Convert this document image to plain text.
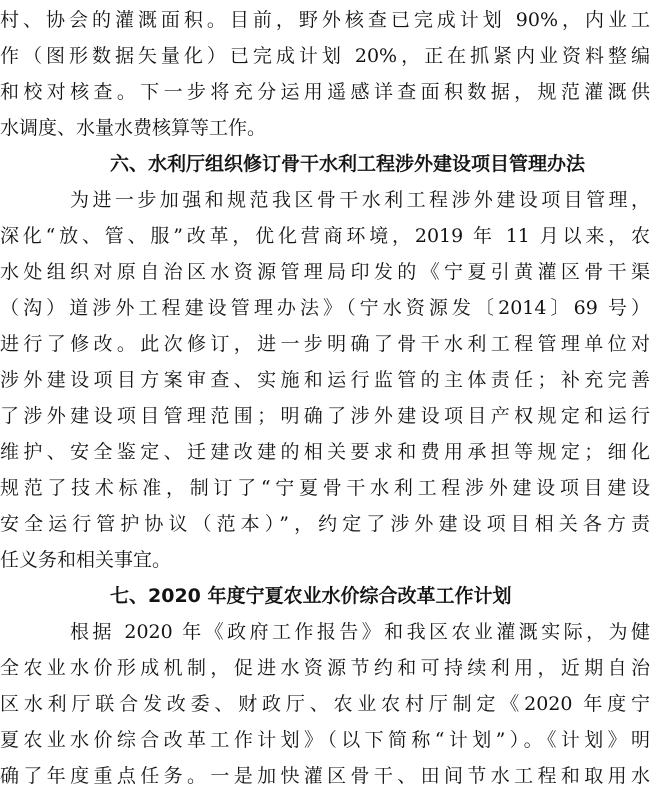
村、协会的灌溉面积。目前，野外核查已完成计划 90%，内业工
作（图形数据矢量化）已完成计划 20%，正在抓紧内业资料整编
和校对核查。下一步将充分运用遥感详查面积数据，规范灌溉供
水调度、水量水费核算等工作。
六、水利厅组织修订骨干水利工程涉外建设项目管理办法
为进一步加强和规范我区骨干水利工程涉外建设项目管理，
深化“放、管、服”改革，优化营商环境，2019 年 11 月以来，农
水处组织对原自治区水资源管理局印发的《宁夏引黄灌区骨干渠
（沟）道涉外工程建设管理办法》（宁水资源发〔2014〕69 号）
进行了修改。此次修订，进一步明确了骨干水利工程管理单位对
涉外建设项目方案审查、实施和运行监管的主体责任；补充完善
了涉外建设项目管理范围；明确了涉外建设项目产权规定和运行
维护、安全鉴定、迁建改建的相关要求和费用承担等规定；细化
规范了技术标准，制订了“宁夏骨干水利工程涉外建设项目建设
安全运行管护协议（范本）”，约定了涉外建设项目相关各方责
任义务和相关事宜。
七、2020 年度宁夏农业水价综合改革工作计划
根据 2020 年《政府工作报告》和我区农业灌溉实际，为健
全农业水价形成机制，促进水资源节约和可持续利用，近期自治
区水利厅联合发改委、财政厅、农业农村厅制定《2020 年度宁
夏农业水价综合改革工作计划》（以下简称“计划”）。《计划》明
确了年度重点任务。一是加快灌区骨干、田间节水工程和取用水
